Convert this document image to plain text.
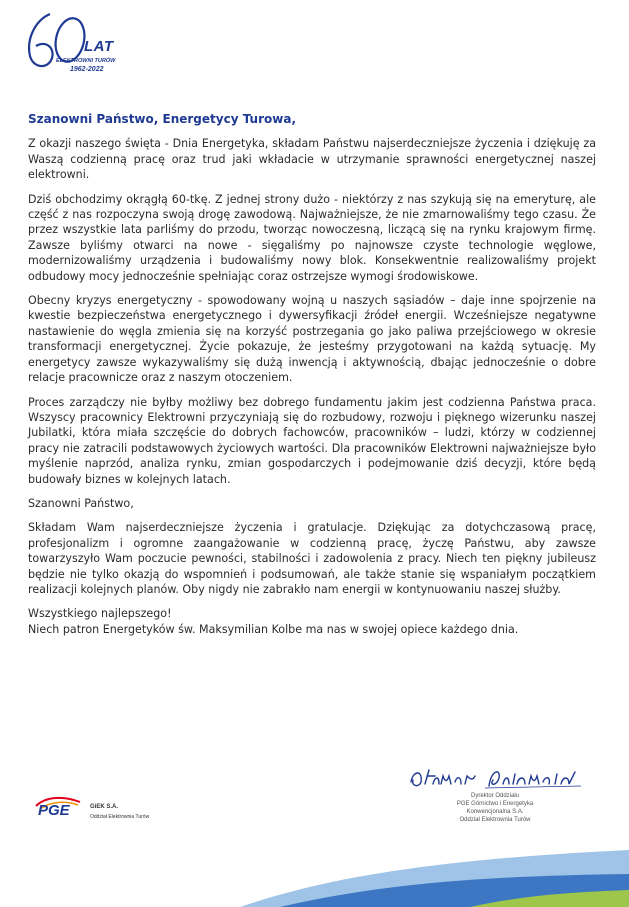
LAT
ELEKTROWNI TURÓW
1962-2022
Szanowni Państwo, Energetycy Turowa,

Z okazji naszego święta - Dnia Energetyka, składam Państwu najserdeczniejsze życzenia i dziękuję za Waszą codzienną pracę oraz trud jaki wkładacie w utrzymanie sprawności energetycznej naszej elektrowni.

Dziś obchodzimy okrągłą 60-tkę. Z jednej strony dużo - niektórzy z nas szykują się na emeryturę, ale część z nas rozpoczyna swoją drogę zawodową. Najważniejsze, że nie zmarnowaliśmy tego czasu. Że przez wszystkie lata parliśmy do przodu, tworząc nowoczesną, liczącą się na rynku krajowym firmę. Zawsze byliśmy otwarci na nowe - sięgaliśmy po najnowsze czyste technologie węglowe, modernizowaliśmy urządzenia i budowaliśmy nowy blok. Konsekwentnie realizowaliśmy projekt odbudowy mocy jednocześnie spełniając coraz ostrzejsze wymogi środowiskowe.

Obecny kryzys energetyczny - spowodowany wojną u naszych sąsiadów – daje inne spojrzenie na kwestie bezpieczeństwa energetycznego i dywersyfikacji źródeł energii. Wcześniejsze negatywne nastawienie do węgla zmienia się na korzyść postrzegania go jako paliwa przejściowego w okresie transformacji energetycznej. Życie pokazuje, że jesteśmy przygotowani na każdą sytuację. My energetycy zawsze wykazywaliśmy się dużą inwencją i aktywnością, dbając jednocześnie o dobre relacje pracownicze oraz z naszym otoczeniem.

Proces zarządczy nie byłby możliwy bez dobrego fundamentu jakim jest codzienna Państwa praca. Wszyscy pracownicy Elektrowni przyczyniają się do rozbudowy, rozwoju i pięknego wizerunku naszej Jubilatki, która miała szczęście do dobrych fachowców, pracowników – ludzi, którzy w codziennej pracy nie zatracili podstawowych życiowych wartości. Dla pracowników Elektrowni najważniejsze było myślenie naprzód, analiza rynku, zmian gospodarczych i podejmowanie dziś decyzji, które będą budowały biznes w kolejnych latach.

Szanowni Państwo,

Składam Wam najserdeczniejsze życzenia i gratulacje. Dziękując za dotychczasową pracę, profesjonalizm i ogromne zaangażowanie w codzienną pracę, życzę Państwu, aby zawsze towarzyszyło Wam poczucie pewności, stabilności i zadowolenia z pracy. Niech ten piękny jubileusz będzie nie tylko okazją do wspomnień i podsumowań, ale także stanie się wspaniałym początkiem realizacji kolejnych planów. Oby nigdy nie zabrakło nam energii w kontynuowaniu naszej służby.

Wszystkiego najlepszego!
Niech patron Energetyków św. Maksymilian Kolbe ma nas w swojej opiece każdego dnia.

Dyrektor Oddziału
PGE Górnictwo i Energetyka
Konwencjonalna S.A.
Oddział Elektrownia Turów
PGE	GiEK S.A.
Oddział Elektrownia Turów
